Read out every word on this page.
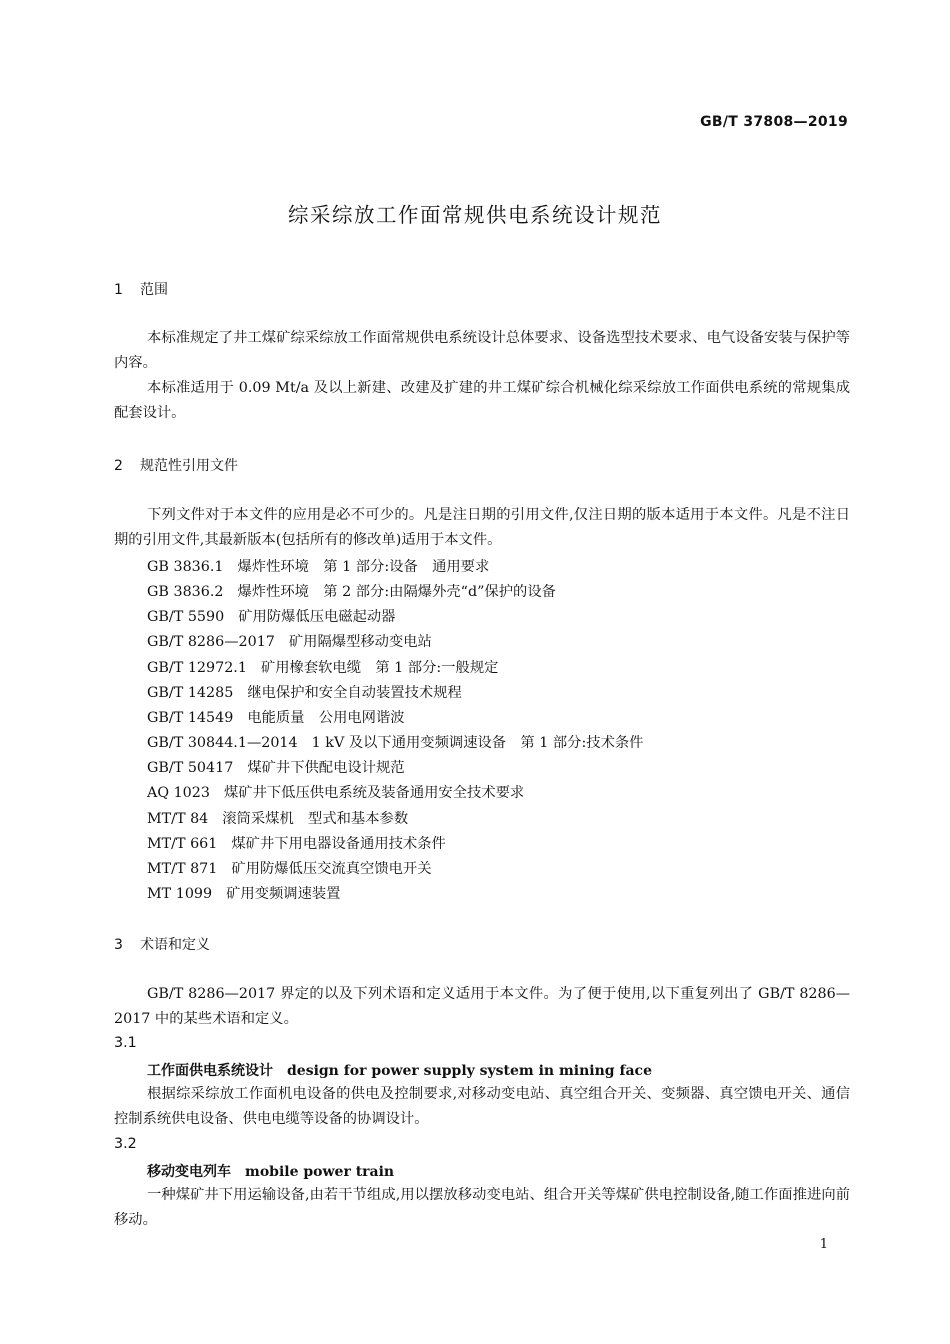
GB/T 37808—2019
综采综放工作面常规供电系统设计规范
1 范围
本标准规定了井工煤矿综采综放工作面常规供电系统设计总体要求、设备选型技术要求、电气设备安装与保护等内容。
本标准适用于 0.09 Mt/a 及以上新建、改建及扩建的井工煤矿综合机械化综采综放工作面供电系统的常规集成配套设计。
2 规范性引用文件
下列文件对于本文件的应用是必不可少的。凡是注日期的引用文件,仅注日期的版本适用于本文件。凡是不注日期的引用文件,其最新版本(包括所有的修改单)适用于本文件。
GB 3836.1 爆炸性环境　第 1 部分:设备　通用要求
GB 3836.2 爆炸性环境　第 2 部分:由隔爆外壳“d”保护的设备
GB/T 5590 矿用防爆低压电磁起动器
GB/T 8286—2017 矿用隔爆型移动变电站
GB/T 12972.1 矿用橡套软电缆　第 1 部分:一般规定
GB/T 14285 继电保护和安全自动装置技术规程
GB/T 14549 电能质量　公用电网谐波
GB/T 30844.1—2014 1 kV 及以下通用变频调速设备　第 1 部分:技术条件
GB/T 50417 煤矿井下供配电设计规范
AQ 1023 煤矿井下低压供电系统及装备通用安全技术要求
MT/T 84 滚筒采煤机　型式和基本参数
MT/T 661 煤矿井下用电器设备通用技术条件
MT/T 871 矿用防爆低压交流真空馈电开关
MT 1099 矿用变频调速装置
3 术语和定义
GB/T 8286—2017 界定的以及下列术语和定义适用于本文件。为了便于使用,以下重复列出了 GB/T 8286—2017 中的某些术语和定义。
3.1
工作面供电系统设计 design for power supply system in mining face
根据综采综放工作面机电设备的供电及控制要求,对移动变电站、真空组合开关、变频器、真空馈电开关、通信控制系统供电设备、供电电缆等设备的协调设计。
3.2
移动变电列车 mobile power train
一种煤矿井下用运输设备,由若干节组成,用以摆放移动变电站、组合开关等煤矿供电控制设备,随工作面推进向前移动。
1
